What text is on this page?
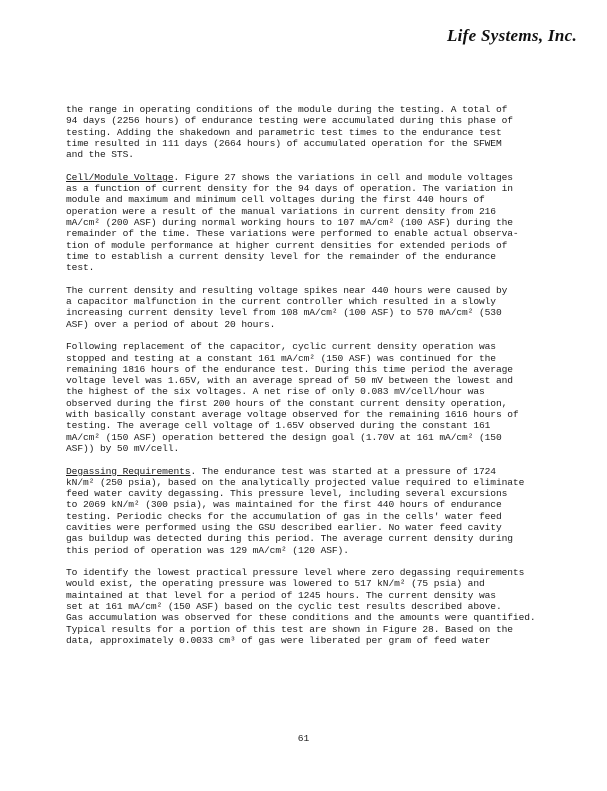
Life Systems, Inc.

the range in operating conditions of the module during the testing. A total of
94 days (2256 hours) of endurance testing were accumulated during this phase of
testing. Adding the shakedown and parametric test times to the endurance test
time resulted in 111 days (2664 hours) of accumulated operation for the SFWEM
and the STS.

Cell/Module Voltage. Figure 27 shows the variations in cell and module voltages
as a function of current density for the 94 days of operation. The variation in
module and maximum and minimum cell voltages during the first 440 hours of
operation were a result of the manual variations in current density from 216
mA/cm² (200 ASF) during normal working hours to 107 mA/cm² (100 ASF) during the
remainder of the time. These variations were performed to enable actual observa-
tion of module performance at higher current densities for extended periods of
time to establish a current density level for the remainder of the endurance
test.

The current density and resulting voltage spikes near 440 hours were caused by
a capacitor malfunction in the current controller which resulted in a slowly
increasing current density level from 108 mA/cm² (100 ASF) to 570 mA/cm² (530
ASF) over a period of about 20 hours.

Following replacement of the capacitor, cyclic current density operation was
stopped and testing at a constant 161 mA/cm² (150 ASF) was continued for the
remaining 1816 hours of the endurance test. During this time period the average
voltage level was 1.65V, with an average spread of 50 mV between the lowest and
the highest of the six voltages. A net rise of only 0.083 mV/cell/hour was
observed during the first 200 hours of the constant current density operation,
with basically constant average voltage observed for the remaining 1616 hours of
testing. The average cell voltage of 1.65V observed during the constant 161
mA/cm² (150 ASF) operation bettered the design goal (1.70V at 161 mA/cm² (150
ASF)) by 50 mV/cell.

Degassing Requirements. The endurance test was started at a pressure of 1724
kN/m² (250 psia), based on the analytically projected value required to eliminate
feed water cavity degassing. This pressure level, including several excursions
to 2069 kN/m² (300 psia), was maintained for the first 440 hours of endurance
testing. Periodic checks for the accumulation of gas in the cells' water feed
cavities were performed using the GSU described earlier. No water feed cavity
gas buildup was detected during this period. The average current density during
this period of operation was 129 mA/cm² (120 ASF).

To identify the lowest practical pressure level where zero degassing requirements
would exist, the operating pressure was lowered to 517 kN/m² (75 psia) and
maintained at that level for a period of 1245 hours. The current density was
set at 161 mA/cm² (150 ASF) based on the cyclic test results described above.
Gas accumulation was observed for these conditions and the amounts were quantified.
Typical results for a portion of this test are shown in Figure 28. Based on the
data, approximately 0.0033 cm³ of gas were liberated per gram of feed water

61
